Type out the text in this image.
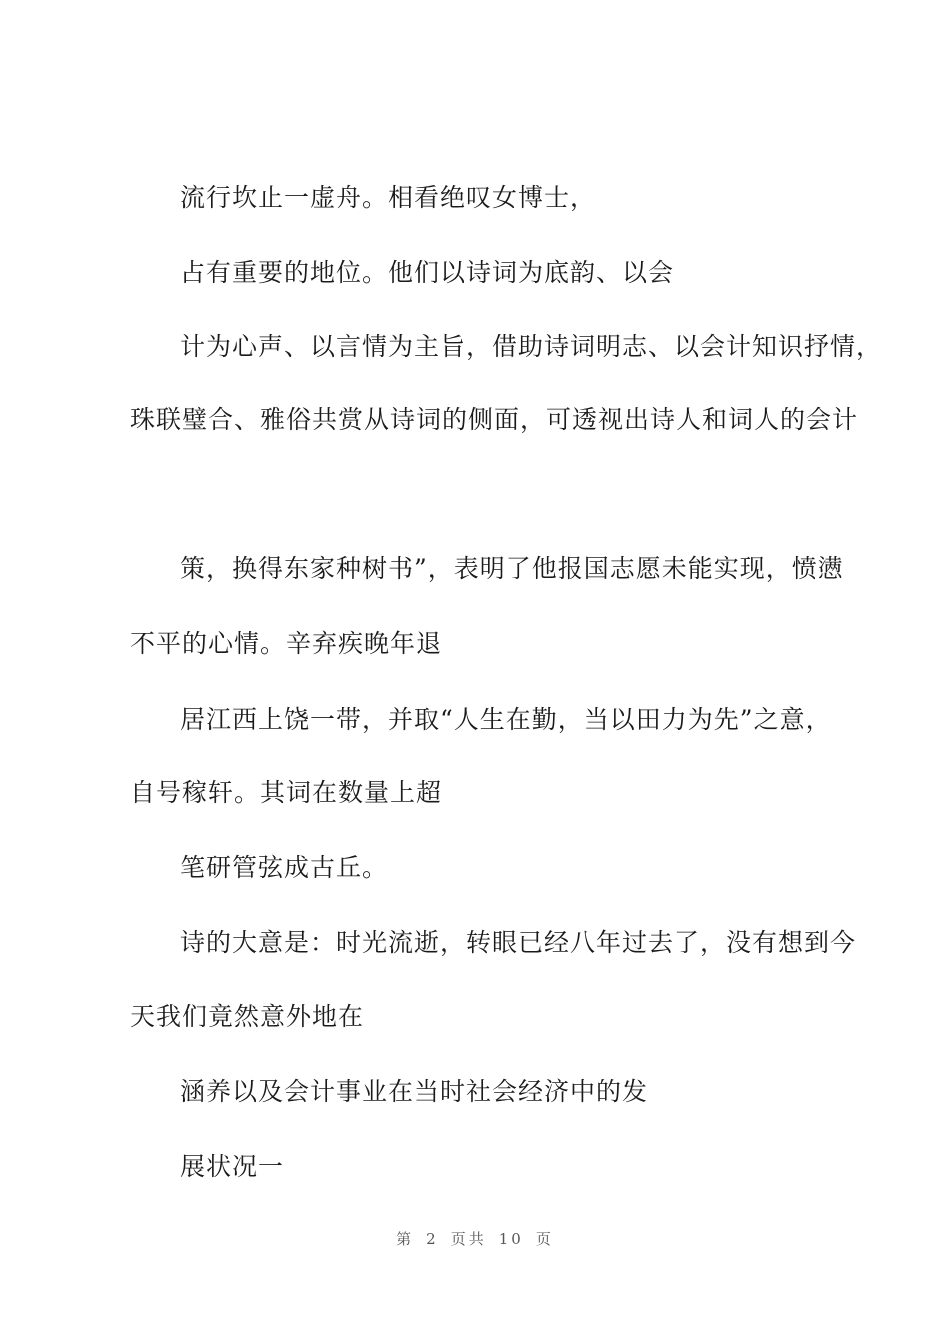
流行坎止一虚舟。相看绝叹女博士，
占有重要的地位。他们以诗词为底韵、以会
计为心声、以言情为主旨，借助诗词明志、以会计知识抒情，
珠联璧合、雅俗共赏从诗词的侧面，可透视出诗人和词人的会计
策，换得东家种树书”，表明了他报国志愿未能实现，愤懑
不平的心情。辛弃疾晚年退
居江西上饶一带，并取“人生在勤，当以田力为先”之意，
自号稼轩。其词在数量上超
笔研管弦成古丘。
诗的大意是：时光流逝，转眼已经八年过去了，没有想到今
天我们竟然意外地在
涵养以及会计事业在当时社会经济中的发
展状况一
第 2 页共 10 页
